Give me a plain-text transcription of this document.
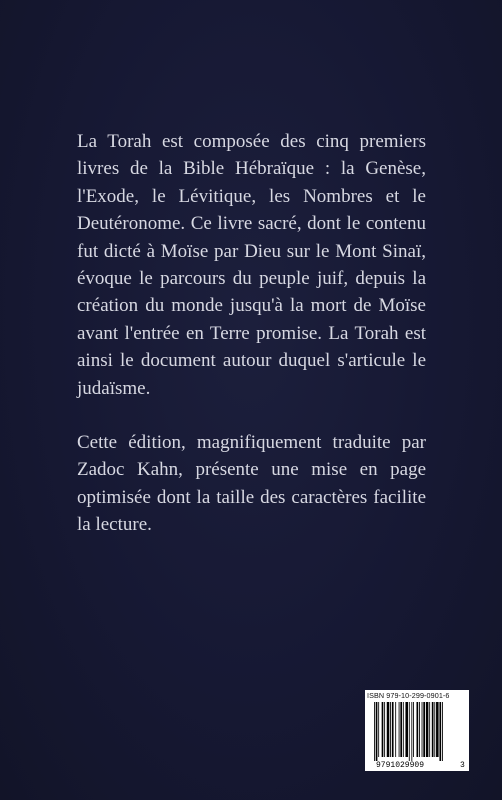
La Torah est composée des cinq premiers livres de la Bible Hébraïque : la Genèse, l'Exode, le Lévitique, les Nombres et le Deutéronome. Ce livre sacré, dont le contenu fut dicté à Moïse par Dieu sur le Mont Sinaï, évoque le parcours du peuple juif, depuis la création du monde jusqu'à la mort de Moïse avant l'entrée en Terre promise. La Torah est ainsi le document autour duquel s'articule le judaïsme.

Cette édition, magnifiquement traduite par Zadoc Kahn, présente une mise en page optimisée dont la taille des caractères facilite la lecture.

ISBN 979-10-299-0901-6
9791029909	3
